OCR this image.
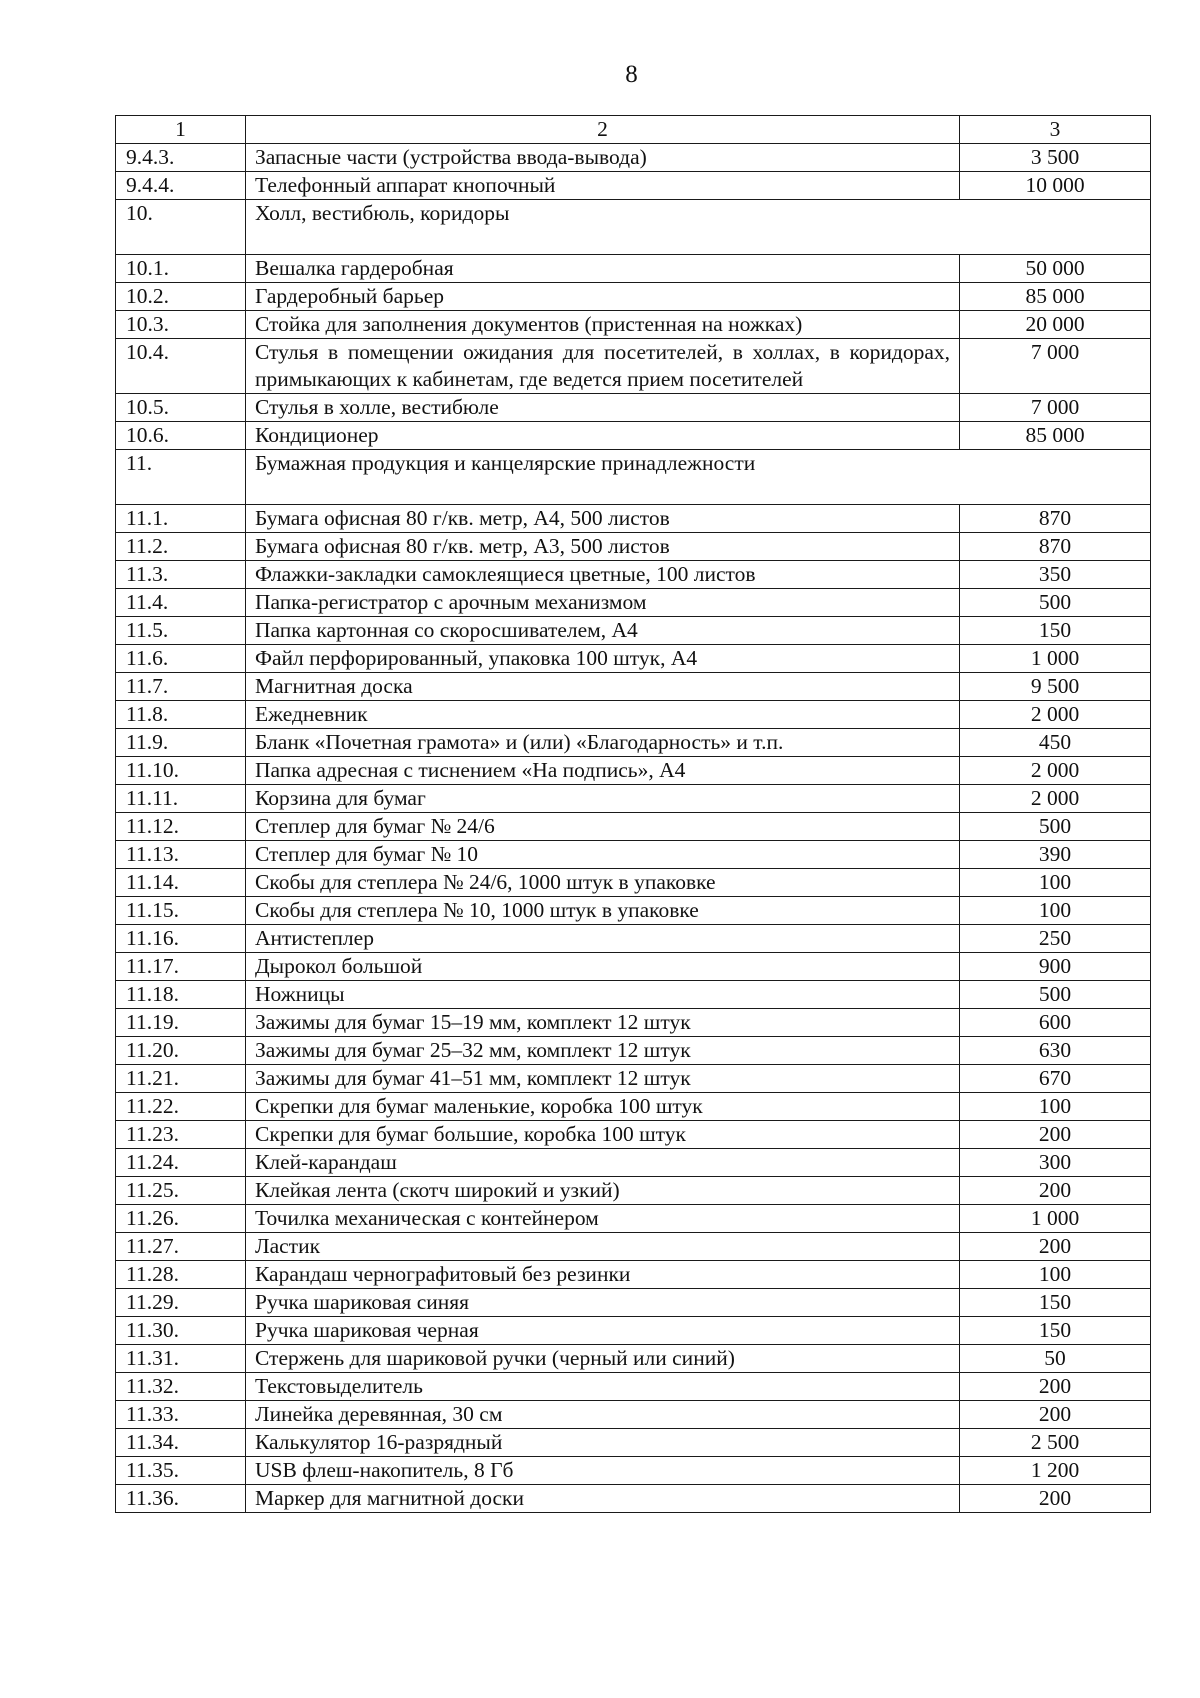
8
1	2	3
9.4.3.	Запасные части (устройства ввода-вывода)	3 500
9.4.4.	Телефонный аппарат кнопочный	10 000
10.	Холл, вестибюль, коридоры	
10.1.	Вешалка гардеробная	50 000
10.2.	Гардеробный барьер	85 000
10.3.	Стойка для заполнения документов (пристенная на ножках)	20 000
10.4.	Стулья в помещении ожидания для посетителей, в холлах, в коридорах, примыкающих к кабинетам, где ведется прием посетителей	7 000
10.5.	Стулья в холле, вестибюле	7 000
10.6.	Кондиционер	85 000
11.	Бумажная продукция и канцелярские принадлежности	
11.1.	Бумага офисная 80 г/кв. метр, А4, 500 листов	870
11.2.	Бумага офисная 80 г/кв. метр, А3, 500 листов	870
11.3.	Флажки-закладки самоклеящиеся цветные, 100 листов	350
11.4.	Папка-регистратор с арочным механизмом	500
11.5.	Папка картонная со скоросшивателем, А4	150
11.6.	Файл перфорированный, упаковка 100 штук, А4	1 000
11.7.	Магнитная доска	9 500
11.8.	Ежедневник	2 000
11.9.	Бланк «Почетная грамота» и (или) «Благодарность» и т.п.	450
11.10.	Папка адресная с тиснением «На подпись», А4	2 000
11.11.	Корзина для бумаг	2 000
11.12.	Степлер для бумаг № 24/6	500
11.13.	Степлер для бумаг № 10	390
11.14.	Скобы для степлера № 24/6, 1000 штук в упаковке	100
11.15.	Скобы для степлера № 10, 1000 штук в упаковке	100
11.16.	Антистеплер	250
11.17.	Дырокол большой	900
11.18.	Ножницы	500
11.19.	Зажимы для бумаг 15–19 мм, комплект 12 штук	600
11.20.	Зажимы для бумаг 25–32 мм, комплект 12 штук	630
11.21.	Зажимы для бумаг 41–51 мм, комплект 12 штук	670
11.22.	Скрепки для бумаг маленькие, коробка 100 штук	100
11.23.	Скрепки для бумаг большие, коробка 100 штук	200
11.24.	Клей-карандаш	300
11.25.	Клейкая лента (скотч широкий и узкий)	200
11.26.	Точилка механическая с контейнером	1 000
11.27.	Ластик	200
11.28.	Карандаш чернографитовый без резинки	100
11.29.	Ручка шариковая синяя	150
11.30.	Ручка шариковая черная	150
11.31.	Стержень для шариковой ручки (черный или синий)	50
11.32.	Текстовыделитель	200
11.33.	Линейка деревянная, 30 см	200
11.34.	Калькулятор 16-разрядный	2 500
11.35.	USB флеш-накопитель, 8 Гб	1 200
11.36.	Маркер для магнитной доски	200
